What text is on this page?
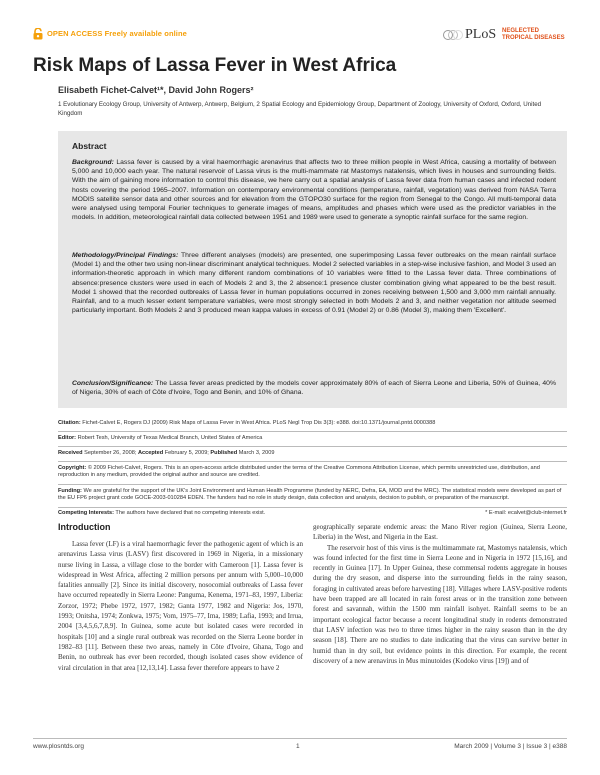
OPEN ACCESS Freely available online	PLoS NEGLECTED
TROPICAL DISEASES
Risk Maps of Lassa Fever in West Africa
Elisabeth Fichet-Calvet¹*, David John Rogers²
1 Evolutionary Ecology Group, University of Antwerp, Antwerp, Belgium, 2 Spatial Ecology and Epidemiology Group, Department of Zoology, University of Oxford, Oxford, United Kingdom
Abstract

Background: Lassa fever is caused by a viral haemorrhagic arenavirus that affects two to three million people in West Africa, causing a mortality of between 5,000 and 10,000 each year. The natural reservoir of Lassa virus is the multi-mammate rat Mastomys natalensis, which lives in houses and surrounding fields. With the aim of gaining more information to control this disease, we here carry out a spatial analysis of Lassa fever data from human cases and infected rodent hosts covering the period 1965–2007. Information on contemporary environmental conditions (temperature, rainfall, vegetation) was derived from NASA Terra MODIS satellite sensor data and other sources and for elevation from the GTOPO30 surface for the region from Senegal to the Congo. All multi-temporal data were analysed using temporal Fourier techniques to generate images of means, amplitudes and phases which were used as the predictor variables in the models. In addition, meteorological rainfall data collected between 1951 and 1989 were used to generate a synoptic rainfall surface for the same region.

Methodology/Principal Findings: Three different analyses (models) are presented, one superimposing Lassa fever outbreaks on the mean rainfall surface (Model 1) and the other two using non-linear discriminant analytical techniques. Model 2 selected variables in a step-wise inclusive fashion, and Model 3 used an information-theoretic approach in which many different random combinations of 10 variables were fitted to the Lassa fever data. Three combinations of absence:presence clusters were used in each of Models 2 and 3, the 2 absence:1 presence cluster combination giving what appeared to be the best result. Model 1 showed that the recorded outbreaks of Lassa fever in human populations occurred in zones receiving between 1,500 and 3,000 mm rainfall annually. Rainfall, and to a much lesser extent temperature variables, were most strongly selected in both Models 2 and 3, and neither vegetation nor altitude seemed particularly important. Both Models 2 and 3 produced mean kappa values in excess of 0.91 (Model 2) or 0.86 (Model 3), making them 'Excellent'.

Conclusion/Significance: The Lassa fever areas predicted by the models cover approximately 80% of each of Sierra Leone and Liberia, 50% of Guinea, 40% of Nigeria, 30% of each of Côte d'Ivoire, Togo and Benin, and 10% of Ghana.

Citation: Fichet-Calvet E, Rogers DJ (2009) Risk Maps of Lassa Fever in West Africa. PLoS Negl Trop Dis 3(3): e388. doi:10.1371/journal.pntd.0000388

Editor: Robert Tesh, University of Texas Medical Branch, United States of America

Received September 26, 2008; Accepted February 5, 2009; Published March 3, 2009

Copyright: © 2009 Fichet-Calvet, Rogers. This is an open-access article distributed under the terms of the Creative Commons Attribution License, which permits unrestricted use, distribution, and reproduction in any medium, provided the original author and source are credited.

Funding: We are grateful for the support of the UK's Joint Environment and Human Health Programme (funded by NERC, Defra, EA, MOD and the MRC). The statistical models were developed as part of the EU FP6 project grant code GOCE-2003-010284 EDEN. The funders had no role in study design, data collection and analysis, decision to publish, or preparation of the manuscript.

Competing Interests: The authors have declared that no competing interests exist.	* E-mail: ecalvet@club-internet.fr

Introduction

Lassa fever (LF) is a viral haemorrhagic fever the pathogenic agent of which is an arenavirus Lassa virus (LASV) first discovered in 1969 in Nigeria, in a missionary nurse living in Lassa, a village close to the border with Cameroon [1]. Lassa fever is widespread in West Africa, affecting 2 million persons per annum with 5,000–10,000 fatalities annually [2]. Since its initial discovery, nosocomial outbreaks of Lassa fever have occurred repeatedly in Sierra Leone: Panguma, Kenema, 1971–83, 1997, Liberia: Zorzor, 1972; Phebe 1972, 1977, 1982; Ganta 1977, 1982 and Nigeria: Jos, 1970, 1993; Onitsha, 1974; Zonkwa, 1975; Vom, 1975–77, Ima, 1989; Lafia, 1993; and Irrua, 2004 [3,4,5,6,7,8,9]. In Guinea, some acute but isolated cases were recorded in hospitals [10] and a single rural outbreak was recorded on the Sierra Leone border in 1982–83 [11]. Between these two areas, namely in Côte d'Ivoire, Ghana, Togo and Benin, no outbreak has ever been recorded, though isolated cases show evidence of viral circulation in that area [12,13,14]. Lassa fever therefore appears to have 2

geographically separate endemic areas: the Mano River region (Guinea, Sierra Leone, Liberia) in the West, and Nigeria in the East.

The reservoir host of this virus is the multimammate rat, Mastomys natalensis, which was found infected for the first time in Sierra Leone and in Nigeria in 1972 [15,16], and recently in Guinea [17]. In Upper Guinea, these commensal rodents aggregate in houses during the dry season, and disperse into the surrounding fields in the rainy season, foraging in cultivated areas before harvesting [18]. Villages where LASV-positive rodents have been trapped are all located in rain forest areas or in the transition zone between forest and savannah, within the 1500 mm rainfall isohyet. Rainfall seems to be an important ecological factor because a recent longitudinal study in rodents demonstrated that LASV infection was two to three times higher in the rainy season than in the dry season [18]. There are no studies to date indicating that the virus can survive better in humid than in dry soil, but evidence points in this direction. For example, the recent discovery of a new arenavirus in Mus minutoides (Kodoko virus [19]) and of

www.plosntds.org	1	March 2009 | Volume 3 | Issue 3 | e388
